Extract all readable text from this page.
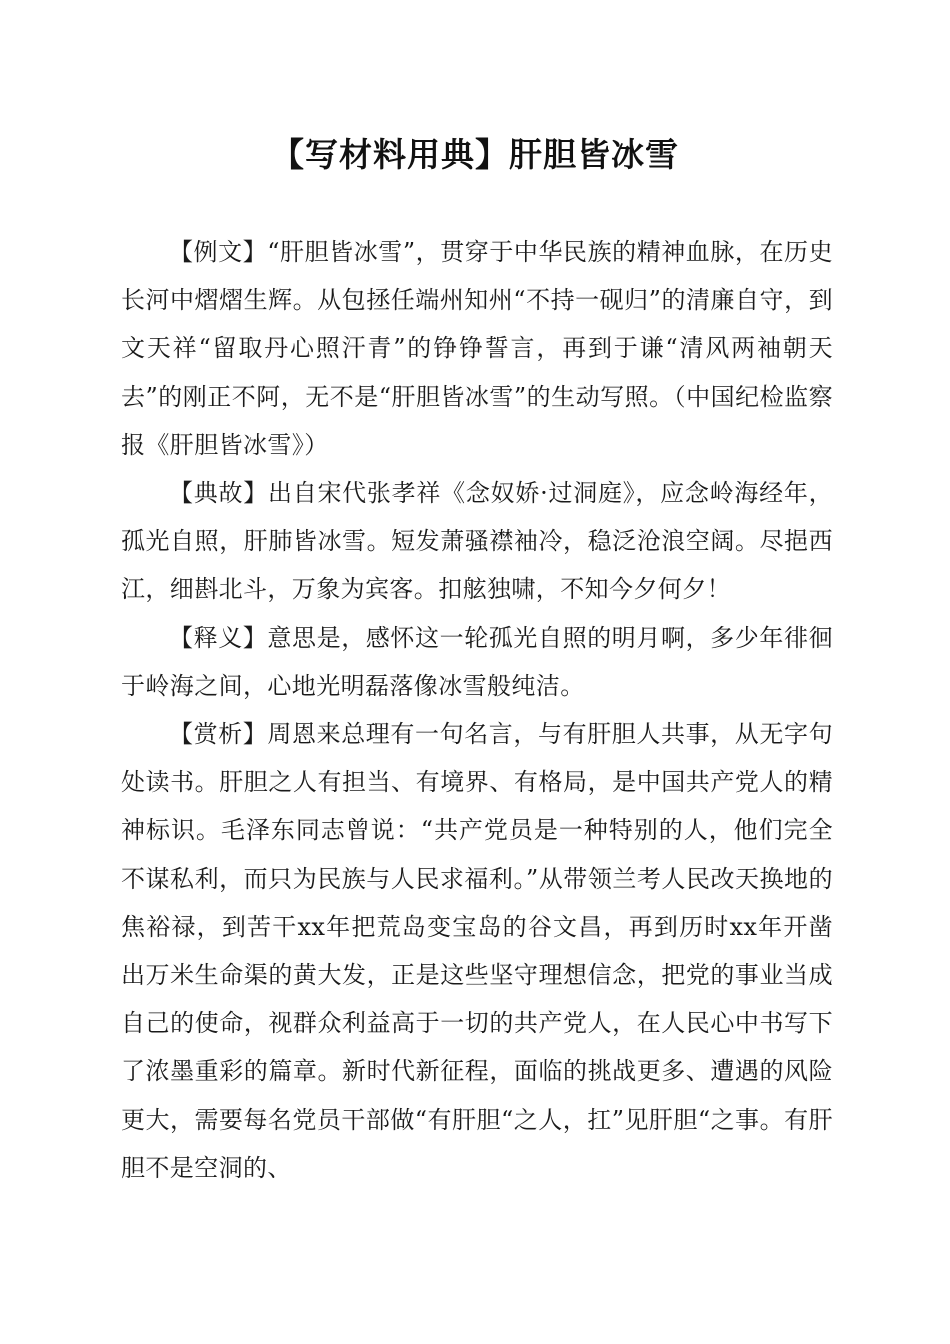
【写材料用典】肝胆皆冰雪

【例文】“肝胆皆冰雪”，贯穿于中华民族的精神血脉，在历史长河中熠熠生辉。从包拯任端州知州“不持一砚归”的清廉自守，到文天祥“留取丹心照汗青”的铮铮誓言，再到于谦“清风两袖朝天去”的刚正不阿，无不是“肝胆皆冰雪”的生动写照。（中国纪检监察报《肝胆皆冰雪》）

【典故】出自宋代张孝祥《念奴娇·过洞庭》，应念岭海经年，孤光自照，肝肺皆冰雪。短发萧骚襟袖冷，稳泛沧浪空阔。尽挹西江，细斟北斗，万象为宾客。扣舷独啸，不知今夕何夕！

【释义】意思是，感怀这一轮孤光自照的明月啊，多少年徘徊于岭海之间，心地光明磊落像冰雪般纯洁。

【赏析】周恩来总理有一句名言，与有肝胆人共事，从无字句处读书。肝胆之人有担当、有境界、有格局，是中国共产党人的精神标识。毛泽东同志曾说：“共产党员是一种特别的人，他们完全不谋私利，而只为民族与人民求福利。”从带领兰考人民改天换地的焦裕禄，到苦干xx年把荒岛变宝岛的谷文昌，再到历时xx年开凿出万米生命渠的黄大发，正是这些坚守理想信念，把党的事业当成自己的使命，视群众利益高于一切的共产党人，在人民心中书写下了浓墨重彩的篇章。新时代新征程，面临的挑战更多、遭遇的风险更大，需要每名党员干部做“有肝胆“之人，扛”见肝胆“之事。有肝胆不是空洞的、
